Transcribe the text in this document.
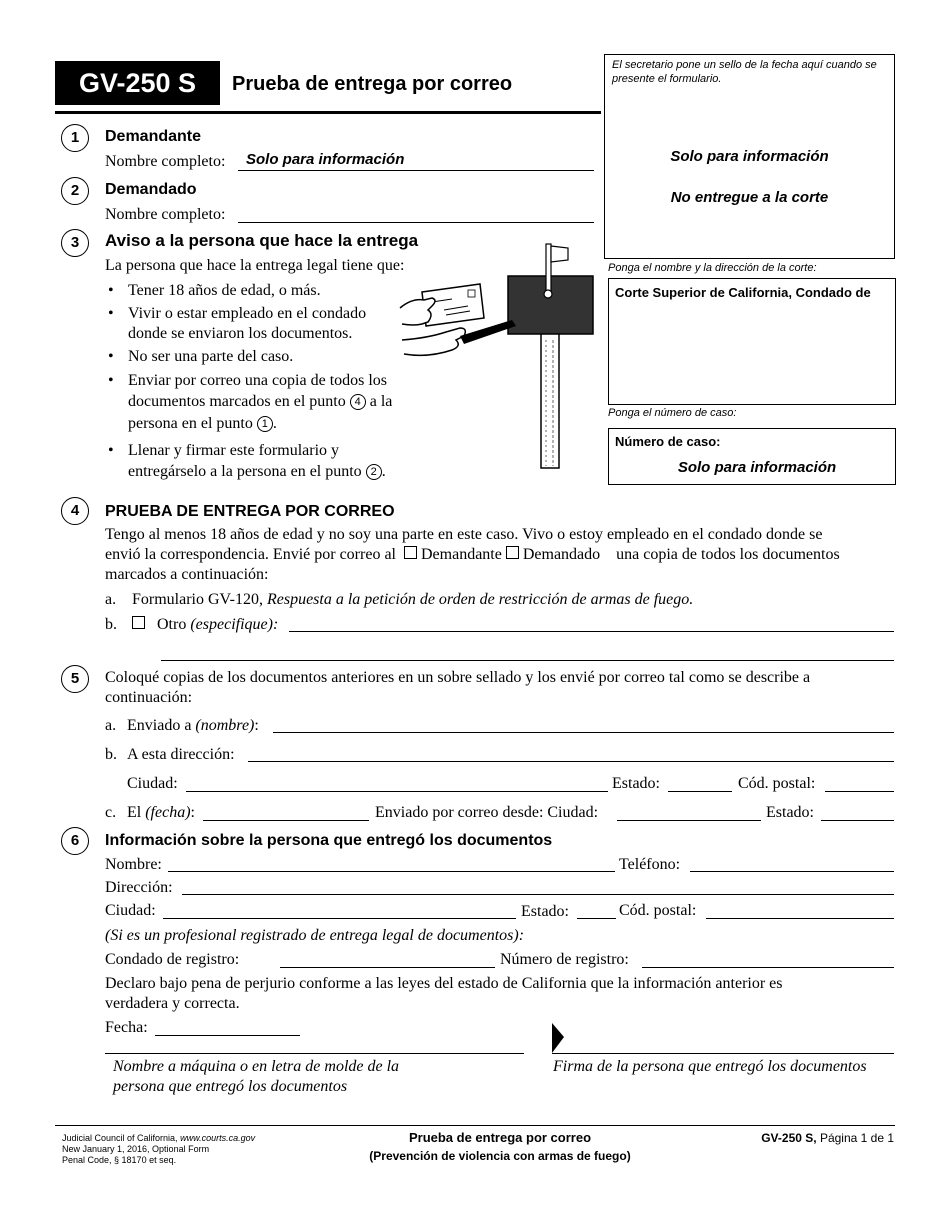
GV-250 S	Prueba de entrega por correo
El secretario pone un sello de la fecha aquí cuando se presente el formulario.
Solo para información
No entregue a la corte
Ponga el nombre y la dirección de la corte:
Corte Superior de California, Condado de
Ponga el número de caso:
Número de caso:
Solo para información
1	Demandante
Nombre completo: Solo para información
2	Demandado
Nombre completo:
3	Aviso a la persona que hace la entrega
La persona que hace la entrega legal tiene que:
• Tener 18 años de edad, o más.
• Vivir o estar empleado en el condado
donde se enviaron los documentos.
• No ser una parte del caso.
• Enviar por correo una copia de todos los
documentos marcados en el punto 4 a la
persona en el punto 1 .
• Llenar y firmar este formulario y
entregárselo a la persona en el punto 2 .
4	PRUEBA DE ENTREGA POR CORREO
Tengo al menos 18 años de edad y no soy una parte en este caso. Vivo o estoy empleado en el condado donde se
envió la correspondencia. Envié por correo al Demandante Demandado una copia de todos los documentos
marcados a continuación:
a. Formulario GV-120, Respuesta a la petición de orden de restricción de armas de fuego.
b.	Otro (especifique):
5	Coloqué copias de los documentos anteriores en un sobre sellado y los envié por correo tal como se describe a
continuación:
a. Enviado a (nombre):
b. A esta dirección:
Ciudad:	Estado:	Cód. postal:
c. El (fecha):	Enviado por correo desde: Ciudad:	Estado:
6	Información sobre la persona que entregó los documentos
Nombre:	Teléfono:
Dirección:
Ciudad:	Estado:	Cód. postal:
(Si es un profesional registrado de entrega legal de documentos):
Condado de registro:	Número de registro:
Declaro bajo pena de perjurio conforme a las leyes del estado de California que la información anterior es
verdadera y correcta.
Fecha:
Nombre a máquina o en letra de molde de la
persona que entregó los documentos
Firma de la persona que entregó los documentos
Judicial Council of California, www.courts.ca.gov
New January 1, 2016, Optional Form
Penal Code, § 18170 et seq.
Prueba de entrega por correo
(Prevención de violencia con armas de fuego)
GV-250 S, Página 1 de 1
